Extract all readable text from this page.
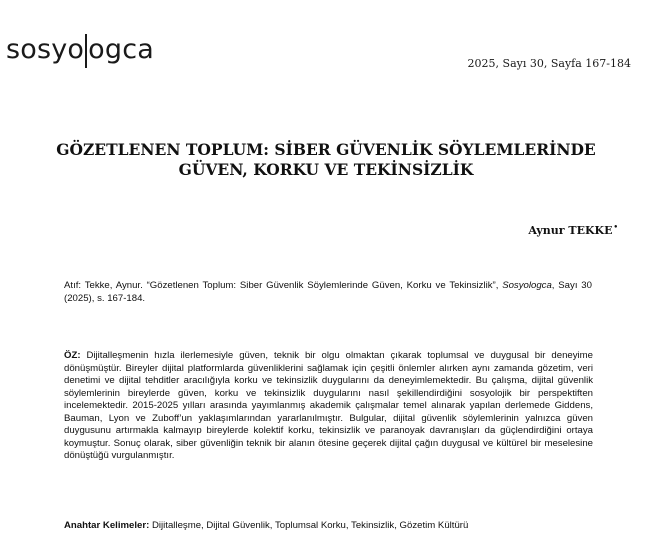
sosyo ogca	2025, Sayı 30, Sayfa 167-184
GÖZETLENEN TOPLUM: SİBER GÜVENLİK SÖYLEMLERİNDE
GÜVEN, KORKU VE TEKİNSİZLİK
Aynur TEKKE•

Atıf: Tekke, Aynur. “Gözetlenen Toplum: Siber Güvenlik Söylemlerinde Güven, Korku ve Tekinsizlik”, Sosyologca, Sayı 30 (2025), s. 167-184.

ÖZ: Dijitalleşmenin hızla ilerlemesiyle güven, teknik bir olgu olmaktan çıkarak toplumsal ve duygusal bir deneyime dönüşmüştür. Bireyler dijital platformlarda güvenliklerini sağlamak için çeşitli önlemler alırken aynı zamanda gözetim, veri denetimi ve dijital tehditler aracılığıyla korku ve tekinsizlik duygularını da deneyimlemektedir. Bu çalışma, dijital güvenlik söylemlerinin bireylerde güven, korku ve tekinsizlik duygularını nasıl şekillendirdiğini sosyolojik bir perspektiften incelemektedir. 2015-2025 yılları arasında yayımlanmış akademik çalışmalar temel alınarak yapılan derlemede Giddens, Bauman, Lyon ve Zuboff’un yaklaşımlarından yararlanılmıştır. Bulgular, dijital güvenlik söylemlerinin yalnızca güven duygusunu artırmakla kalmayıp bireylerde kolektif korku, tekinsizlik ve paranoyak davranışları da güçlendirdiğini ortaya koymuştur. Sonuç olarak, siber güvenliğin teknik bir alanın ötesine geçerek dijital çağın duygusal ve kültürel bir meselesine dönüştüğü vurgulanmıştır.

Anahtar Kelimeler: Dijitalleşme, Dijital Güvenlik, Toplumsal Korku, Tekinsizlik, Gözetim Kültürü
